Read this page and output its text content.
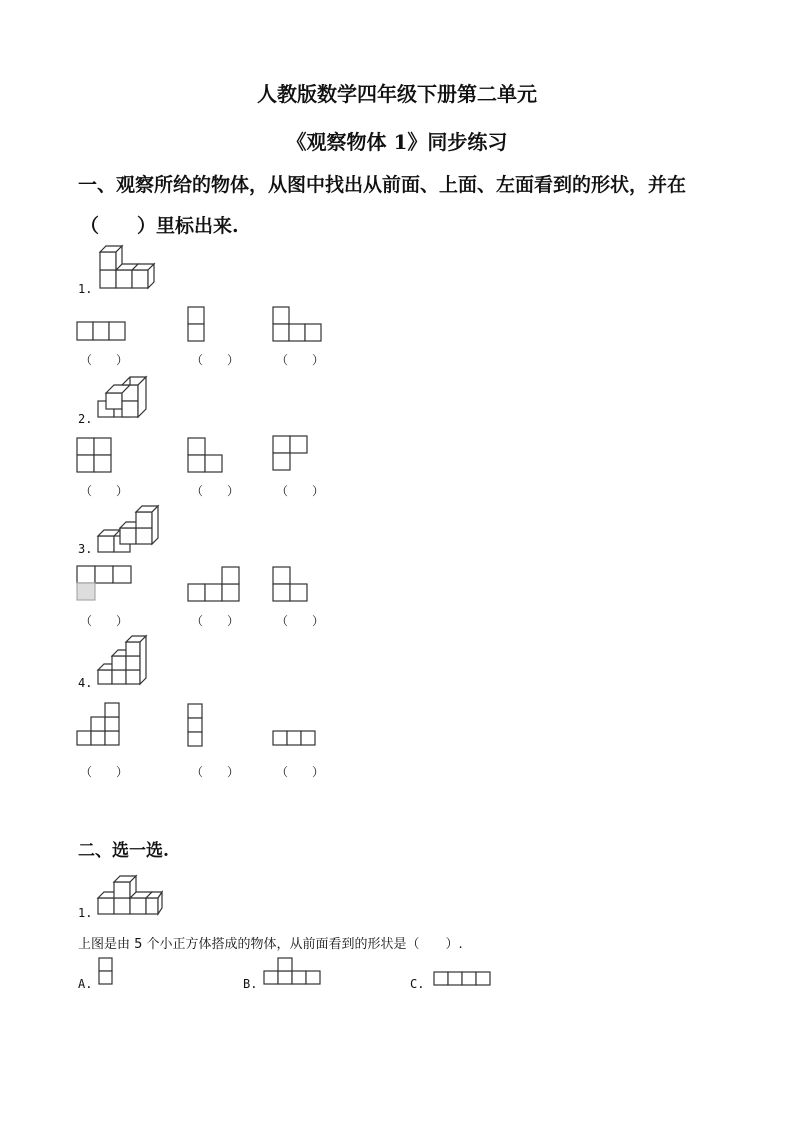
人教版数学四年级下册第二单元
《观察物体 1》同步练习
一、观察所给的物体，从图中找出从前面、上面、左面看到的形状，并在
（　　）里标出来.
1.
（　　）	（　　）	（　　）
2.
（　　）	（　　）	（　　）
3.
（　　）	（　　）	（　　）
4.
（　　）	（　　）	（　　）
二、选一选.
1.
上图是由 5 个小正方体搭成的物体，从前面看到的形状是（　　）.
A.	B.	C.
